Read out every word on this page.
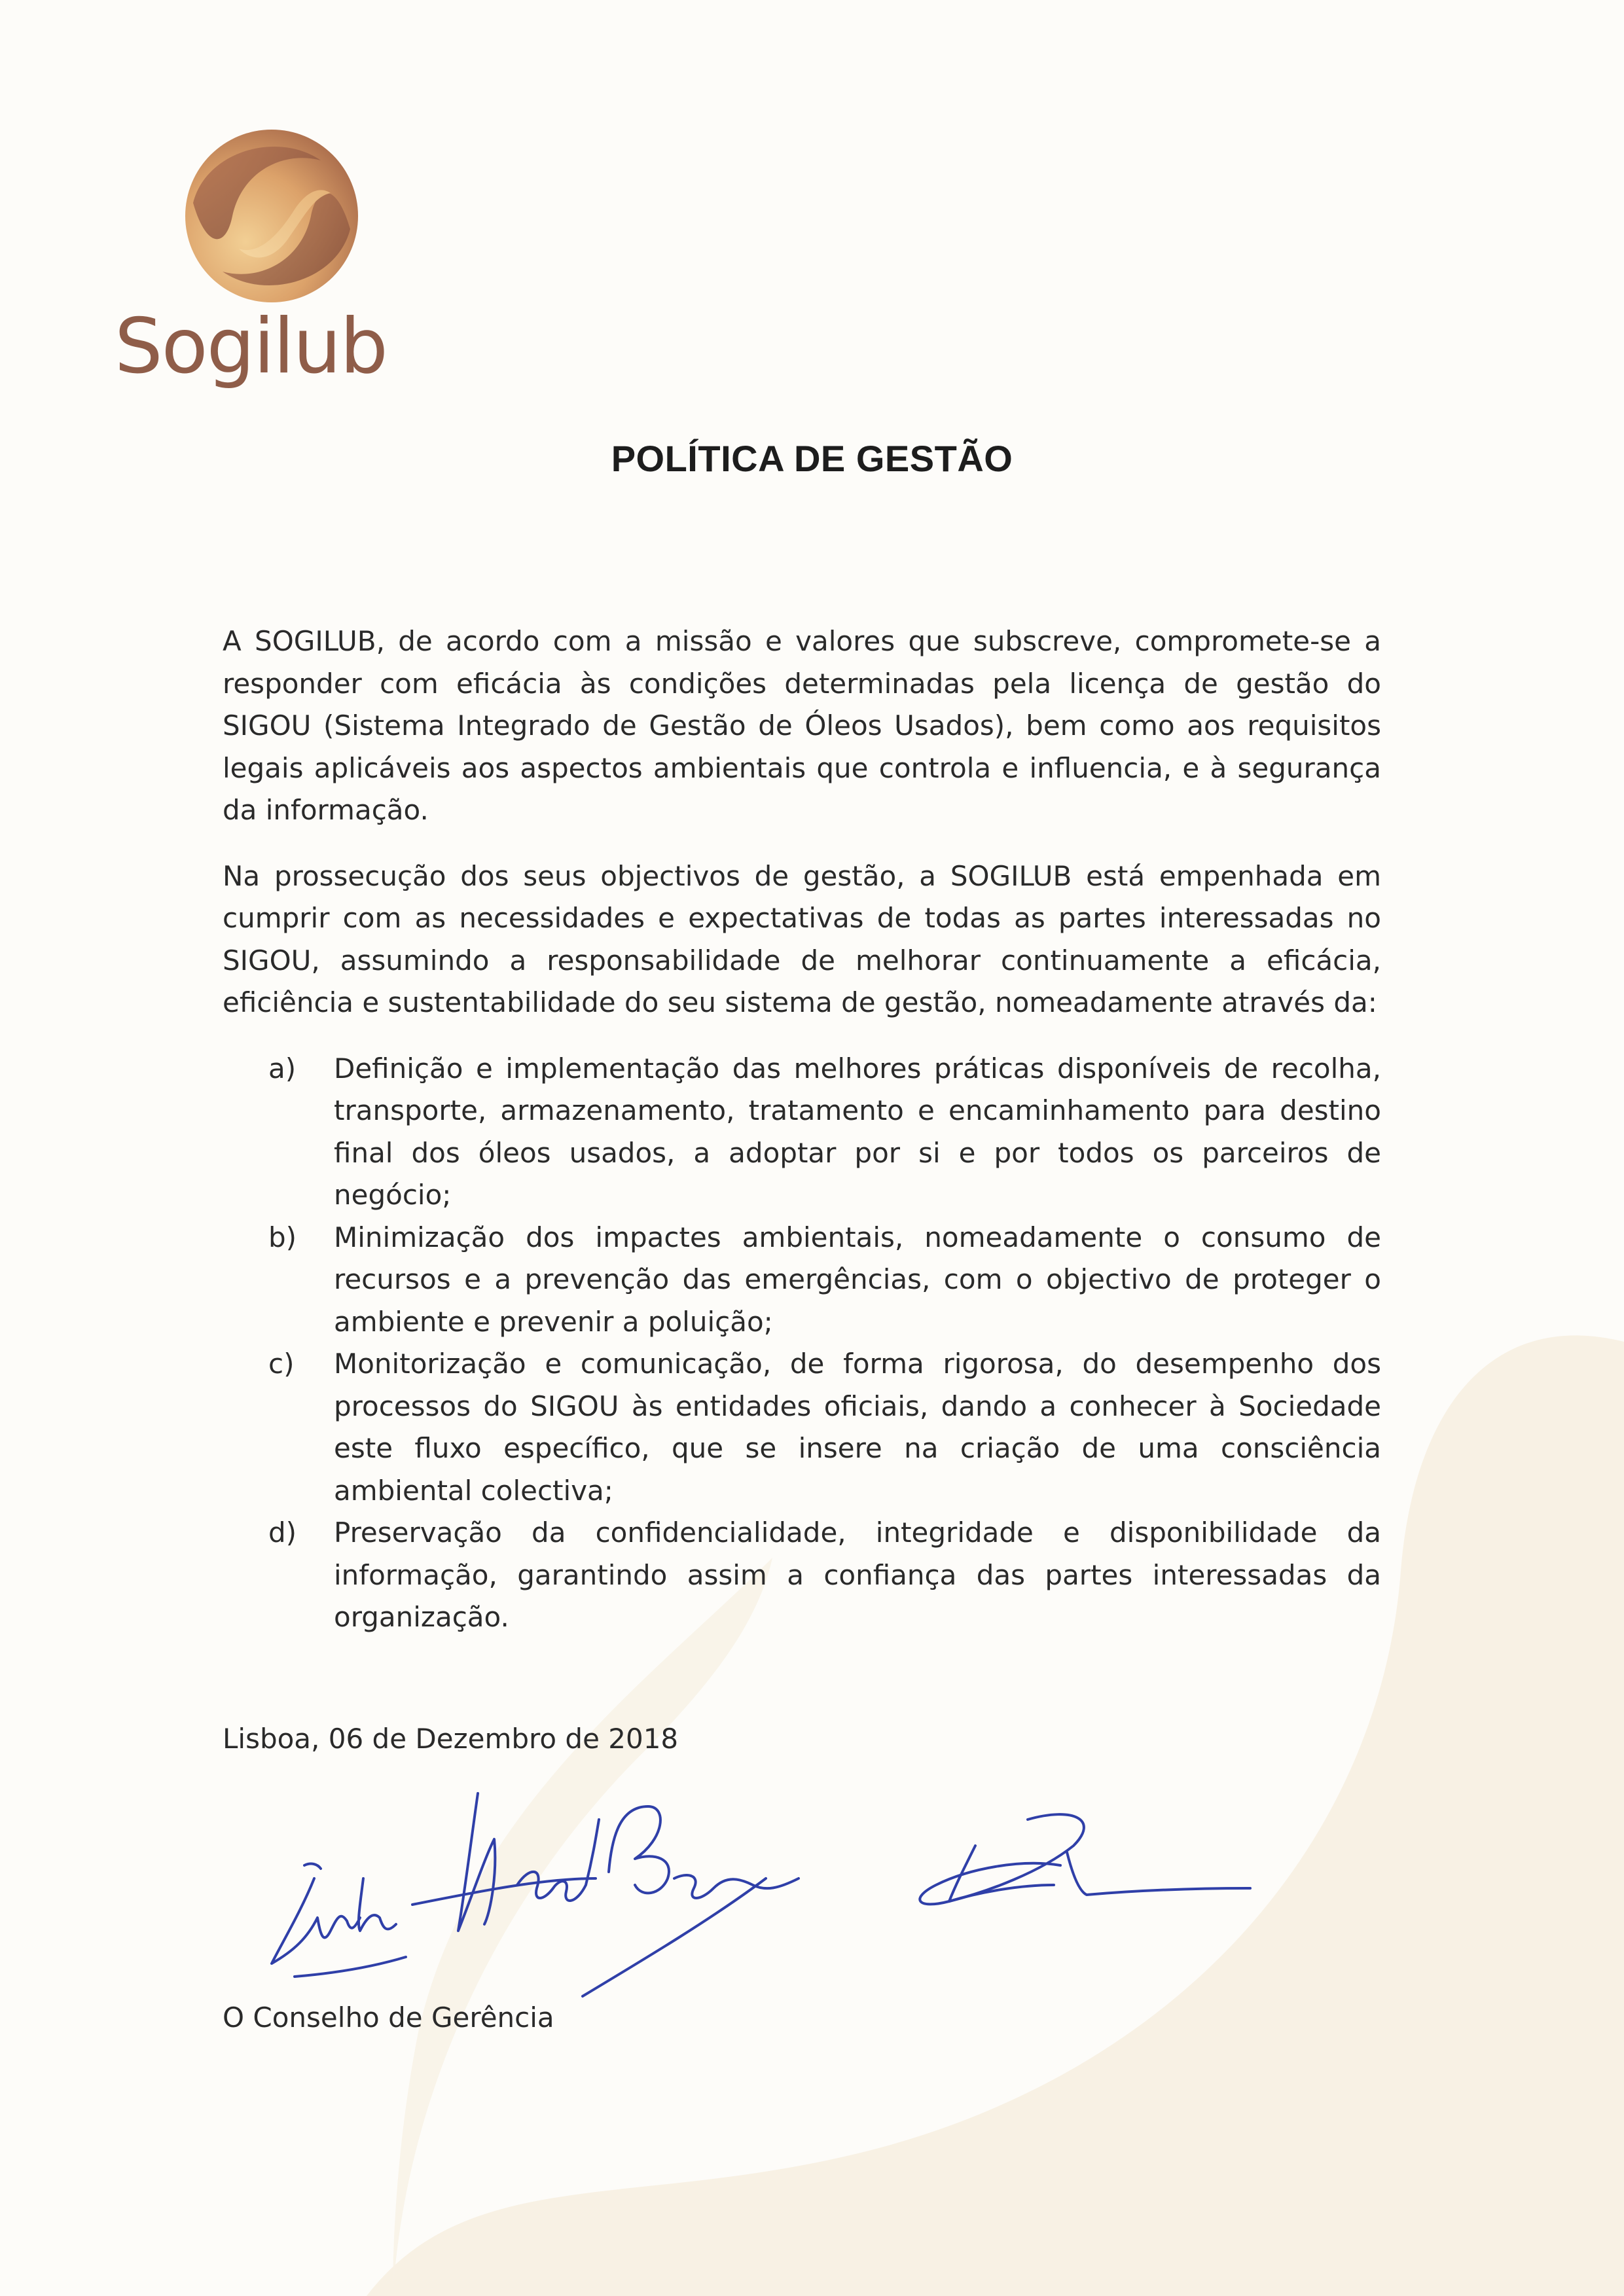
Sogilub
POLÍTICA DE GESTÃO

A SOGILUB, de acordo com a missão e valores que subscreve, compromete-se a responder com eficácia às condições determinadas pela licença de gestão do SIGOU (Sistema Integrado de Gestão de Óleos Usados), bem como aos requisitos legais aplicáveis aos aspectos ambientais que controla e influencia, e à segurança da informação.

Na prossecução dos seus objectivos de gestão, a SOGILUB está empenhada em cumprir com as necessidades e expectativas de todas as partes interessadas no SIGOU, assumindo a responsabilidade de melhorar continuamente a eficácia, eficiência e sustentabilidade do seu sistema de gestão, nomeadamente através da:

a) Definição e implementação das melhores práticas disponíveis de recolha, transporte, armazenamento, tratamento e encaminhamento para destino final dos óleos usados, a adoptar por si e por todos os parceiros de negócio;
b) Minimização dos impactes ambientais, nomeadamente o consumo de recursos e a prevenção das emergências, com o objectivo de proteger o ambiente e prevenir a poluição;
c) Monitorização e comunicação, de forma rigorosa, do desempenho dos processos do SIGOU às entidades oficiais, dando a conhecer à Sociedade este fluxo específico, que se insere na criação de uma consciência ambiental colectiva;
d) Preservação da confidencialidade, integridade e disponibilidade da informação, garantindo assim a confiança das partes interessadas da organização.
Lisboa, 06 de Dezembro de 2018
O Conselho de Gerência
